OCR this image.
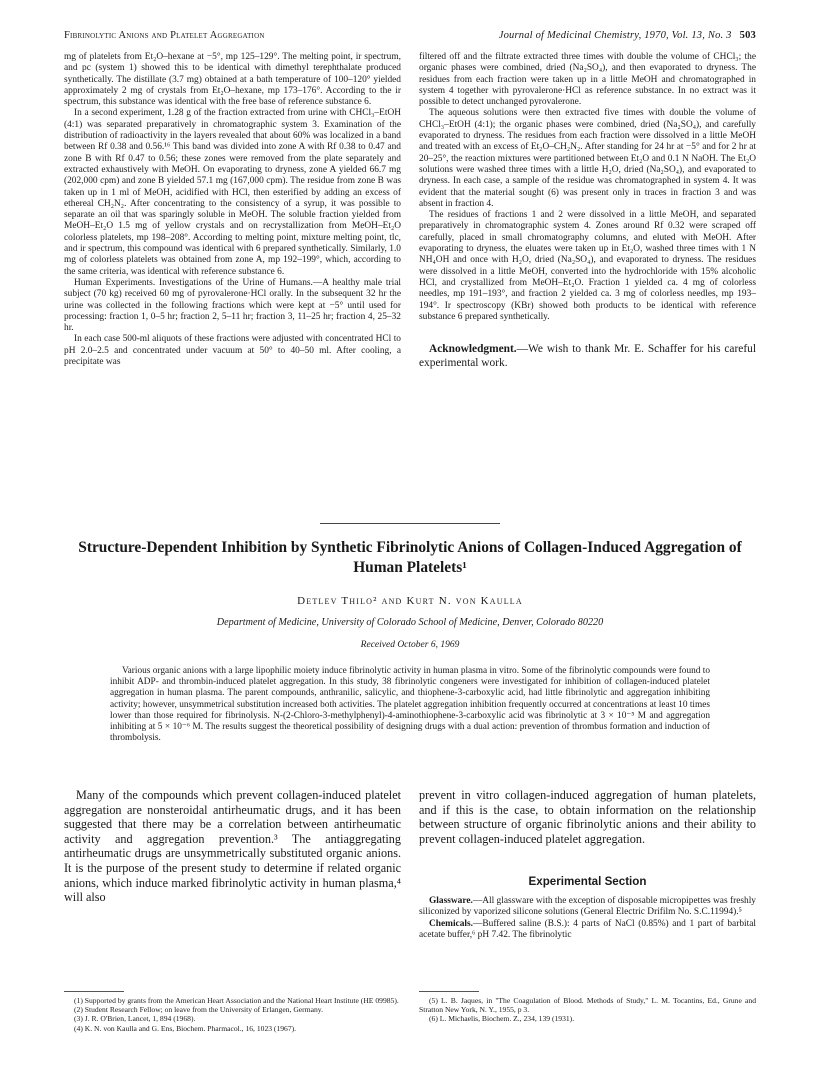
Fibrinolytic Anions and Platelet Aggregation	Journal of Medicinal Chemistry, 1970, Vol. 13, No. 3 503

mg of platelets from Et₂O–hexane at −5°, mp 125–129°. The melting point, ir spectrum, and pc (system 1) showed this to be identical with dimethyl terephthalate produced synthetically. The distillate (3.7 mg) obtained at a bath temperature of 100–120° yielded approximately 2 mg of crystals from Et₂O–hexane, mp 173–176°. According to the ir spectrum, this substance was identical with the free base of reference substance 6.

In a second experiment, 1.28 g of the fraction extracted from urine with CHCl₃–EtOH (4:1) was separated preparatively in chromatographic system 3. Examination of the distribution of radioactivity in the layers revealed that about 60% was localized in a band between Rf 0.38 and 0.56.¹⁶ This band was divided into zone A with Rf 0.38 to 0.47 and zone B with Rf 0.47 to 0.56; these zones were removed from the plate separately and extracted exhaustively with MeOH. On evaporating to dryness, zone A yielded 66.7 mg (202,000 cpm) and zone B yielded 57.1 mg (167,000 cpm). The residue from zone B was taken up in 1 ml of MeOH, acidified with HCl, then esterified by adding an excess of ethereal CH₂N₂. After concentrating to the consistency of a syrup, it was possible to separate an oil that was sparingly soluble in MeOH. The soluble fraction yielded from MeOH–Et₂O 1.5 mg of yellow crystals and on recrystallization from MeOH–Et₂O colorless platelets, mp 198–208°. According to melting point, mixture melting point, tlc, and ir spectrum, this compound was identical with 6 prepared synthetically. Similarly, 1.0 mg of colorless platelets was obtained from zone A, mp 192–199°, which, according to the same criteria, was identical with reference substance 6.

Human Experiments. Investigations of the Urine of Humans.—A healthy male trial subject (70 kg) received 60 mg of pyrovalerone·HCl orally. In the subsequent 32 hr the urine was collected in the following fractions which were kept at −5° until used for processing: fraction 1, 0–5 hr; fraction 2, 5–11 hr; fraction 3, 11–25 hr; fraction 4, 25–32 hr.

In each case 500-ml aliquots of these fractions were adjusted with concentrated HCl to pH 2.0–2.5 and concentrated under vacuum at 50° to 40–50 ml. After cooling, a precipitate was

filtered off and the filtrate extracted three times with double the volume of CHCl₃; the organic phases were combined, dried (Na₂SO₄), and then evaporated to dryness. The residues from each fraction were taken up in a little MeOH and chromatographed in system 4 together with pyrovalerone·HCl as reference substance. In no extract was it possible to detect unchanged pyrovalerone.

The aqueous solutions were then extracted five times with double the volume of CHCl₃–EtOH (4:1); the organic phases were combined, dried (Na₂SO₄), and carefully evaporated to dryness. The residues from each fraction were dissolved in a little MeOH and treated with an excess of Et₂O–CH₂N₂. After standing for 24 hr at −5° and for 2 hr at 20–25°, the reaction mixtures were partitioned between Et₂O and 0.1 N NaOH. The Et₂O solutions were washed three times with a little H₂O, dried (Na₂SO₄), and evaporated to dryness. In each case, a sample of the residue was chromatographed in system 4. It was evident that the material sought (6) was present only in traces in fraction 3 and was absent in fraction 4.

The residues of fractions 1 and 2 were dissolved in a little MeOH, and separated preparatively in chromatographic system 4. Zones around Rf 0.32 were scraped off carefully, placed in small chromatography columns, and eluted with MeOH. After evaporating to dryness, the eluates were taken up in Et₂O, washed three times with 1 N NH₄OH and once with H₂O, dried (Na₂SO₄), and evaporated to dryness. The residues were dissolved in a little MeOH, converted into the hydrochloride with 15% alcoholic HCl, and crystallized from MeOH–Et₂O. Fraction 1 yielded ca. 4 mg of colorless needles, mp 191–193°, and fraction 2 yielded ca. 3 mg of colorless needles, mp 193–194°. Ir spectroscopy (KBr) showed both products to be identical with reference substance 6 prepared synthetically.

Acknowledgment.—We wish to thank Mr. E. Schaffer for his careful experimental work.
Structure-Dependent Inhibition by Synthetic Fibrinolytic Anions of Collagen-Induced Aggregation of Human Platelets¹
Detlev Thilo² and Kurt N. von Kaulla
Department of Medicine, University of Colorado School of Medicine, Denver, Colorado 80220
Received October 6, 1969
Various organic anions with a large lipophilic moiety induce fibrinolytic activity in human plasma in vitro. Some of the fibrinolytic compounds were found to inhibit ADP- and thrombin-induced platelet aggregation. In this study, 38 fibrinolytic congeners were investigated for inhibition of collagen-induced platelet aggregation in human plasma. The parent compounds, anthranilic, salicylic, and thiophene-3-carboxylic acid, had little fibrinolytic and aggregation inhibiting activity; however, unsymmetrical substitution increased both activities. The platelet aggregation inhibition frequently occurred at concentrations at least 10 times lower than those required for fibrinolysis. N-(2-Chloro-3-methylphenyl)-4-aminothiophene-3-carboxylic acid was fibrinolytic at 3 × 10⁻⁵ M and aggregation inhibiting at 5 × 10⁻⁶ M. The results suggest the theoretical possibility of designing drugs with a dual action: prevention of thrombus formation and induction of thrombolysis.
Many of the compounds which prevent collagen-induced platelet aggregation are nonsteroidal antirheumatic drugs, and it has been suggested that there may be a correlation between antirheumatic activity and aggregation prevention.³ The antiaggregating antirheumatic drugs are unsymmetrically substituted organic anions. It is the purpose of the present study to determine if related organic anions, which induce marked fibrinolytic activity in human plasma,⁴ will also
prevent in vitro collagen-induced aggregation of human platelets, and if this is the case, to obtain information on the relationship between structure of organic fibrinolytic anions and their ability to prevent collagen-induced platelet aggregation.
Experimental Section

Glassware.—All glassware with the exception of disposable micropipettes was freshly siliconized by vaporized silicone solutions (General Electric Drifilm No. S.C.11994).⁵

Chemicals.—Buffered saline (B.S.): 4 parts of NaCl (0.85%) and 1 part of barbital acetate buffer,⁶ pH 7.42. The fibrinolytic

(1) Supported by grants from the American Heart Association and the National Heart Institute (HE 09985).

(2) Student Research Fellow; on leave from the University of Erlangen, Germany.

(3) J. R. O'Brien, Lancet, 1, 894 (1968).

(4) K. N. von Kaulla and G. Ens, Biochem. Pharmacol., 16, 1023 (1967).

(5) L. B. Jaques, in "The Coagulation of Blood. Methods of Study," L. M. Tocantins, Ed., Grune and Stratton New York, N. Y., 1955, p 3.

(6) L. Michaelis, Biochem. Z., 234, 139 (1931).
